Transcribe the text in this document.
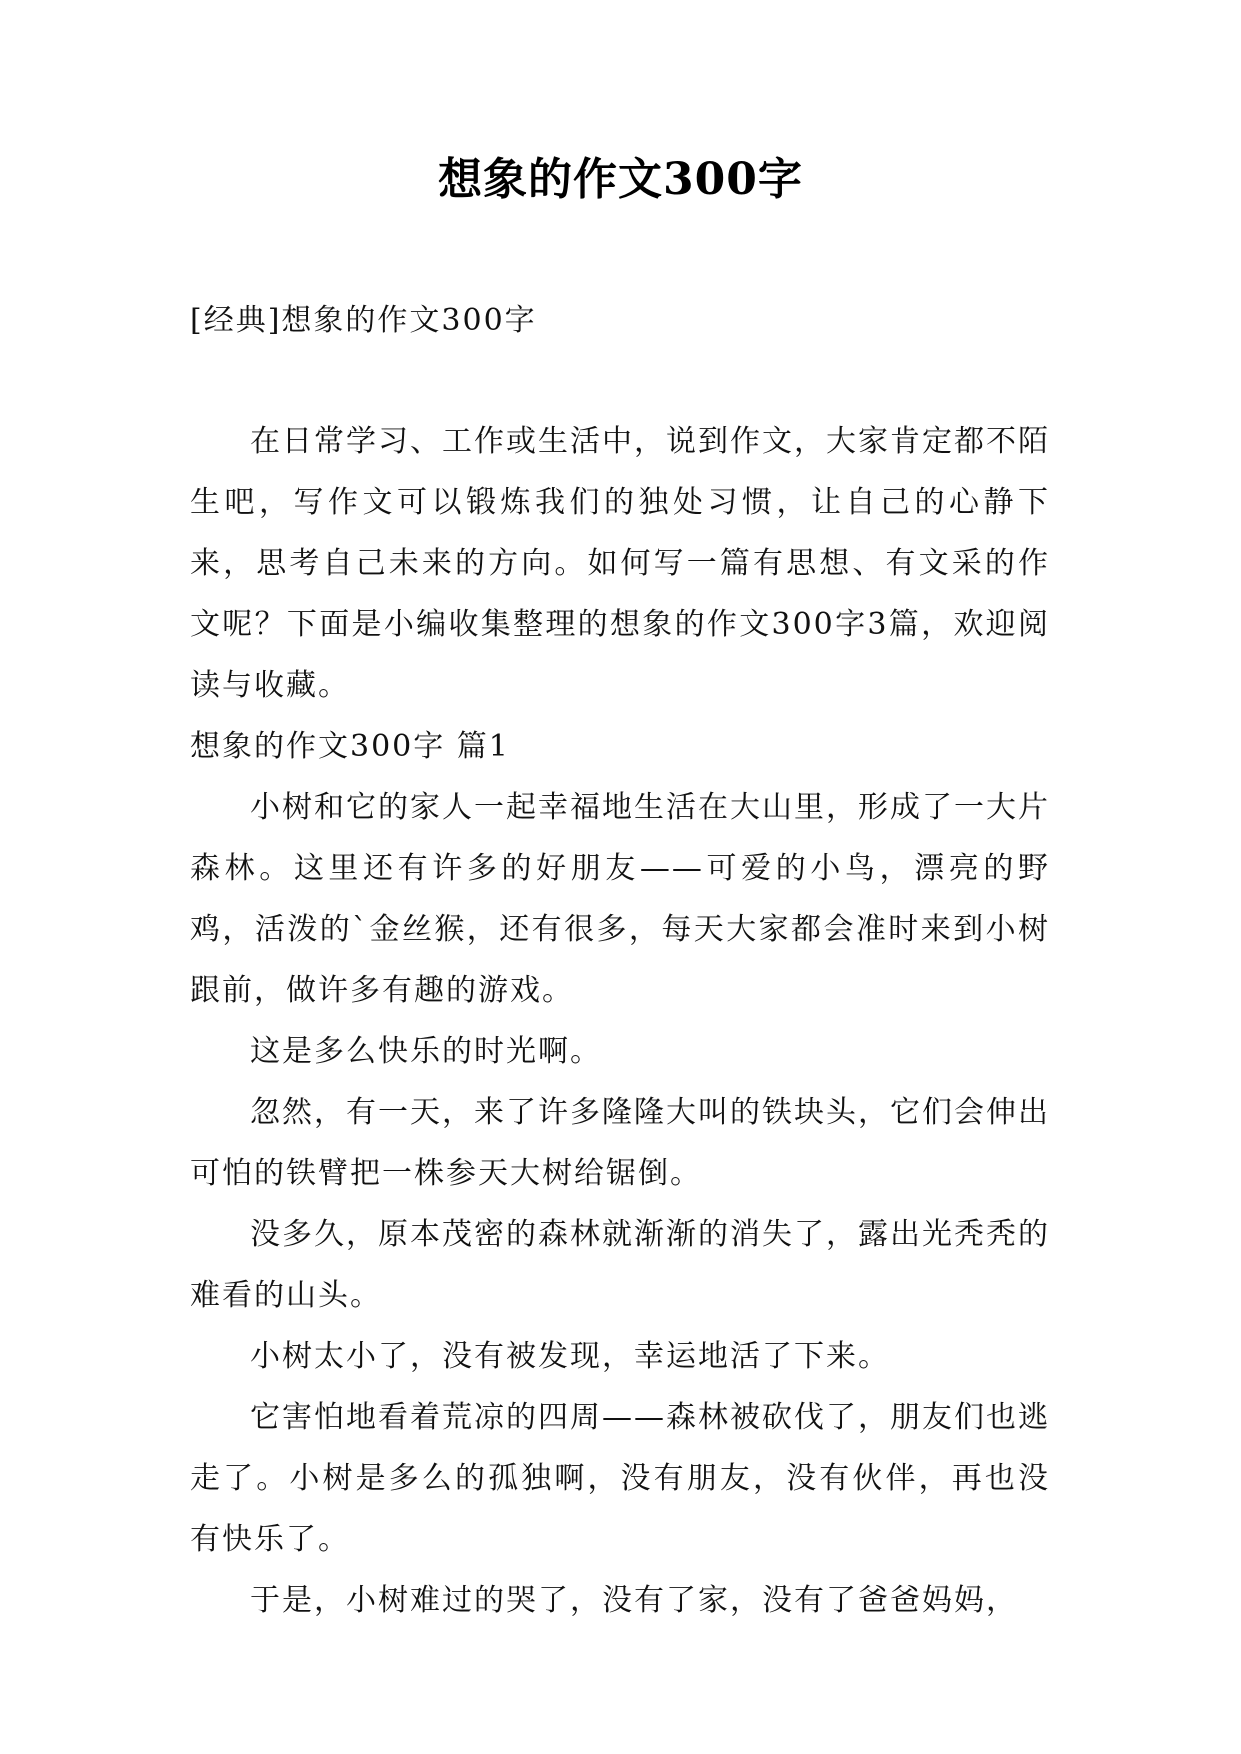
想象的作文300字

[经典]想象的作文300字

在日常学习、工作或生活中，说到作文，大家肯定都不陌生吧，写作文可以锻炼我们的独处习惯，让自己的心静下来，思考自己未来的方向。如何写一篇有思想、有文采的作文呢？下面是小编收集整理的想象的作文300字3篇，欢迎阅读与收藏。

想象的作文300字 篇1

小树和它的家人一起幸福地生活在大山里，形成了一大片森林。这里还有许多的好朋友——可爱的小鸟，漂亮的野鸡，活泼的`金丝猴，还有很多，每天大家都会准时来到小树跟前，做许多有趣的游戏。

这是多么快乐的时光啊。

忽然，有一天，来了许多隆隆大叫的铁块头，它们会伸出可怕的铁臂把一株参天大树给锯倒。

没多久，原本茂密的森林就渐渐的消失了，露出光秃秃的难看的山头。

小树太小了，没有被发现，幸运地活了下来。

它害怕地看着荒凉的四周——森林被砍伐了，朋友们也逃走了。小树是多么的孤独啊，没有朋友，没有伙伴，再也没有快乐了。

于是，小树难过的哭了，没有了家，没有了爸爸妈妈，
